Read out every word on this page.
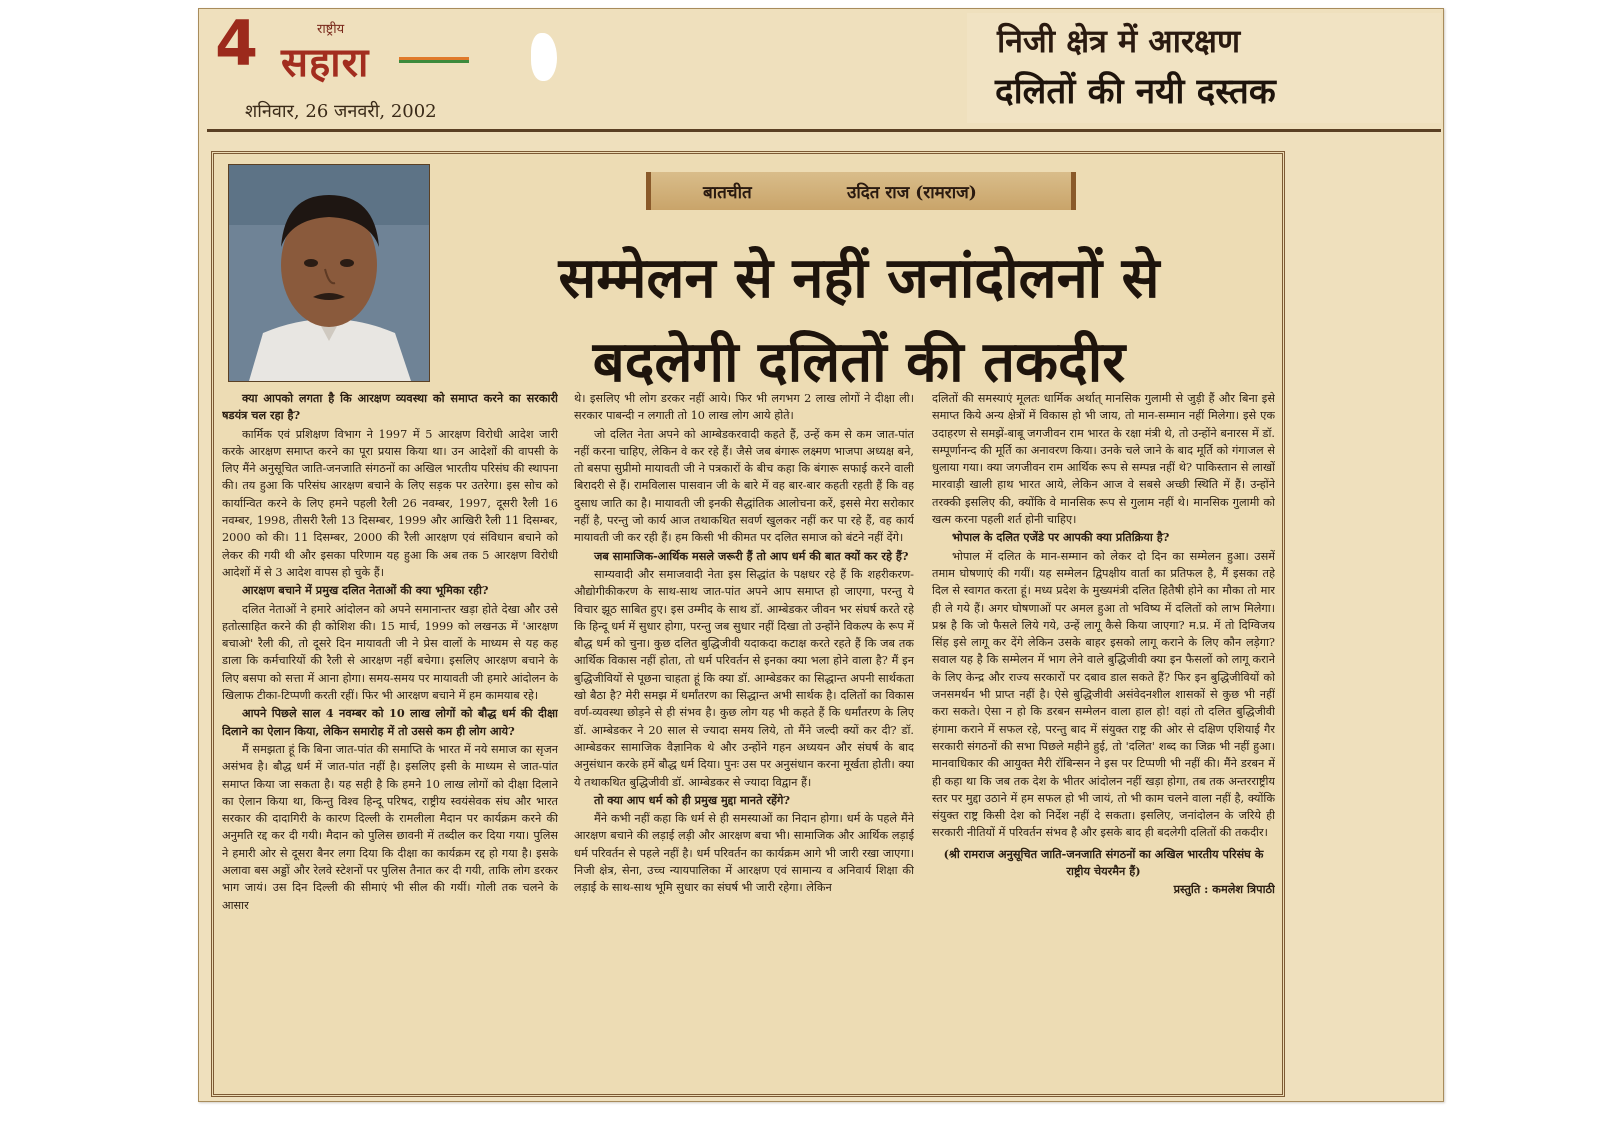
4	राष्ट्रीय
सहारा
शनिवार, 26 जनवरी, 2002
निजी क्षेत्र में आरक्षण
दलितों की नयी दस्तक
बातचीत	उदित राज (रामराज)
सम्मेलन से नहीं जनांदोलनों से
बदलेगी दलितों की तकदीर

क्या आपको लगता है कि आरक्षण व्यवस्था को समाप्त करने का सरकारी षडयंत्र चल रहा है?

कार्मिक एवं प्रशिक्षण विभाग ने 1997 में 5 आरक्षण विरोधी आदेश जारी करके आरक्षण समाप्त करने का पूरा प्रयास किया था। उन आदेशों की वापसी के लिए मैंने अनुसूचित जाति-जनजाति संगठनों का अखिल भारतीय परिसंघ की स्थापना की। तय हुआ कि परिसंघ आरक्षण बचाने के लिए सड़क पर उतरेगा। इस सोच को कार्यान्वित करने के लिए हमने पहली रैली 26 नवम्बर, 1997, दूसरी रैली 16 नवम्बर, 1998, तीसरी रैली 13 दिसम्बर, 1999 और आखिरी रैली 11 दिसम्बर, 2000 को की। 11 दिसम्बर, 2000 की रैली आरक्षण एवं संविधान बचाने को लेकर की गयी थी और इसका परिणाम यह हुआ कि अब तक 5 आरक्षण विरोधी आदेशों में से 3 आदेश वापस हो चुके हैं।

आरक्षण बचाने में प्रमुख दलित नेताओं की क्या भूमिका रही?

दलित नेताओं ने हमारे आंदोलन को अपने समानान्तर खड़ा होते देखा और उसे हतोत्साहित करने की ही कोशिश की। 15 मार्च, 1999 को लखनऊ में 'आरक्षण बचाओ' रैली की, तो दूसरे दिन मायावती जी ने प्रेस वालों के माध्यम से यह कह डाला कि कर्मचारियों की रैली से आरक्षण नहीं बचेगा। इसलिए आरक्षण बचाने के लिए बसपा को सत्ता में आना होगा। समय-समय पर मायावती जी हमारे आंदोलन के खिलाफ टीका-टिप्पणी करती रहीं। फिर भी आरक्षण बचाने में हम कामयाब रहे।

आपने पिछले साल 4 नवम्बर को 10 लाख लोगों को बौद्ध धर्म की दीक्षा दिलाने का ऐलान किया, लेकिन समारोह में तो उससे कम ही लोग आये?

मैं समझता हूं कि बिना जात-पांत की समाप्ति के भारत में नये समाज का सृजन असंभव है। बौद्ध धर्म में जात-पांत नहीं है। इसलिए इसी के माध्यम से जात-पांत समाप्त किया जा सकता है। यह सही है कि हमने 10 लाख लोगों को दीक्षा दिलाने का ऐलान किया था, किन्तु विश्व हिन्दू परिषद, राष्ट्रीय स्वयंसेवक संघ और भारत सरकार की दादागिरी के कारण दिल्ली के रामलीला मैदान पर कार्यक्रम करने की अनुमति रद्द कर दी गयी। मैदान को पुलिस छावनी में तब्दील कर दिया गया। पुलिस ने हमारी ओर से दूसरा बैनर लगा दिया कि दीक्षा का कार्यक्रम रद्द हो गया है। इसके अलावा बस अड्डों और रेलवे स्टेशनों पर पुलिस तैनात कर दी गयी, ताकि लोग डरकर भाग जायं। उस दिन दिल्ली की सीमाएं भी सील की गयीं। गोली तक चलने के आसार

थे। इसलिए भी लोग डरकर नहीं आये। फिर भी लगभग 2 लाख लोगों ने दीक्षा ली। सरकार पाबन्दी न लगाती तो 10 लाख लोग आये होते।

जो दलित नेता अपने को आम्बेडकरवादी कहते हैं, उन्हें कम से कम जात-पांत नहीं करना चाहिए, लेकिन वे कर रहे हैं। जैसे जब बंगारू लक्ष्मण भाजपा अध्यक्ष बने, तो बसपा सुप्रीमो मायावती जी ने पत्रकारों के बीच कहा कि बंगारू सफाई करने वाली बिरादरी से हैं। रामविलास पासवान जी के बारे में वह बार-बार कहती रहती हैं कि वह दुसाध जाति का है। मायावती जी इनकी सैद्धांतिक आलोचना करें, इससे मेरा सरोकार नहीं है, परन्तु जो कार्य आज तथाकथित सवर्ण खुलकर नहीं कर पा रहे हैं, वह कार्य मायावती जी कर रही हैं। हम किसी भी कीमत पर दलित समाज को बंटने नहीं देंगे।

जब सामाजिक-आर्थिक मसले जरूरी हैं तो आप धर्म की बात क्यों कर रहे हैं?

साम्यवादी और समाजवादी नेता इस सिद्धांत के पक्षधर रहे हैं कि शहरीकरण-औद्योगीकीकरण के साथ-साथ जात-पांत अपने आप समाप्त हो जाएगा, परन्तु ये विचार झूठ साबित हुए। इस उम्मीद के साथ डॉ. आम्बेडकर जीवन भर संघर्ष करते रहे कि हिन्दू धर्म में सुधार होगा, परन्तु जब सुधार नहीं दिखा तो उन्होंने विकल्प के रूप में बौद्ध धर्म को चुना। कुछ दलित बुद्धिजीवी यदाकदा कटाक्ष करते रहते हैं कि जब तक आर्थिक विकास नहीं होता, तो धर्म परिवर्तन से इनका क्या भला होने वाला है? मैं इन बुद्धिजीवियों से पूछना चाहता हूं कि क्या डॉ. आम्बेडकर का सिद्धान्त अपनी सार्थकता खो बैठा है? मेरी समझ में धर्मांतरण का सिद्धान्त अभी सार्थक है। दलितों का विकास वर्ण-व्यवस्था छोड़ने से ही संभव है। कुछ लोग यह भी कहते हैं कि धर्मांतरण के लिए डॉ. आम्बेडकर ने 20 साल से ज्यादा समय लिये, तो मैंने जल्दी क्यों कर दी? डॉ. आम्बेडकर सामाजिक वैज्ञानिक थे और उन्होंने गहन अध्ययन और संघर्ष के बाद अनुसंधान करके हमें बौद्ध धर्म दिया। पुनः उस पर अनुसंधान करना मूर्खता होती। क्या ये तथाकथित बुद्धिजीवी डॉ. आम्बेडकर से ज्यादा विद्वान हैं।

तो क्या आप धर्म को ही प्रमुख मुद्दा मानते रहेंगे?

मैंने कभी नहीं कहा कि धर्म से ही समस्याओं का निदान होगा। धर्म के पहले मैंने आरक्षण बचाने की लड़ाई लड़ी और आरक्षण बचा भी। सामाजिक और आर्थिक लड़ाई धर्म परिवर्तन से पहले नहीं है। धर्म परिवर्तन का कार्यक्रम आगे भी जारी रखा जाएगा। निजी क्षेत्र, सेना, उच्च न्यायपालिका में आरक्षण एवं सामान्य व अनिवार्य शिक्षा की लड़ाई के साथ-साथ भूमि सुधार का संघर्ष भी जारी रहेगा। लेकिन

दलितों की समस्याएं मूलतः धार्मिक अर्थात् मानसिक गुलामी से जुड़ी हैं और बिना इसे समाप्त किये अन्य क्षेत्रों में विकास हो भी जाय, तो मान-सम्मान नहीं मिलेगा। इसे एक उदाहरण से समझें-बाबू जगजीवन राम भारत के रक्षा मंत्री थे, तो उन्होंने बनारस में डॉ. सम्पूर्णानन्द की मूर्ति का अनावरण किया। उनके चले जाने के बाद मूर्ति को गंगाजल से धुलाया गया। क्या जगजीवन राम आर्थिक रूप से सम्पन्न नहीं थे? पाकिस्तान से लाखों मारवाड़ी खाली हाथ भारत आये, लेकिन आज वे सबसे अच्छी स्थिति में हैं। उन्होंने तरक्की इसलिए की, क्योंकि वे मानसिक रूप से गुलाम नहीं थे। मानसिक गुलामी को खत्म करना पहली शर्त होनी चाहिए।

भोपाल के दलित एजेंडे पर आपकी क्या प्रतिक्रिया है?

भोपाल में दलित के मान-सम्मान को लेकर दो दिन का सम्मेलन हुआ। उसमें तमाम घोषणाएं की गयीं। यह सम्मेलन द्विपक्षीय वार्ता का प्रतिफल है, मैं इसका तहे दिल से स्वागत करता हूं। मध्य प्रदेश के मुख्यमंत्री दलित हितैषी होने का मौका तो मार ही ले गये हैं। अगर घोषणाओं पर अमल हुआ तो भविष्य में दलितों को लाभ मिलेगा। प्रश्न है कि जो फैसले लिये गये, उन्हें लागू कैसे किया जाएगा? म.प्र. में तो दिग्विजय सिंह इसे लागू कर देंगे लेकिन उसके बाहर इसको लागू कराने के लिए कौन लड़ेगा? सवाल यह है कि सम्मेलन में भाग लेने वाले बुद्धिजीवी क्या इन फैसलों को लागू कराने के लिए केन्द्र और राज्य सरकारों पर दबाव डाल सकते हैं? फिर इन बुद्धिजीवियों को जनसमर्थन भी प्राप्त नहीं है। ऐसे बुद्धिजीवी असंवेदनशील शासकों से कुछ भी नहीं करा सकते। ऐसा न हो कि डरबन सम्मेलन वाला हाल हो! वहां तो दलित बुद्धिजीवी हंगामा कराने में सफल रहे, परन्तु बाद में संयुक्त राष्ट्र की ओर से दक्षिण एशियाई गैर सरकारी संगठनों की सभा पिछले महीने हुई, तो 'दलित' शब्द का जिक्र भी नहीं हुआ। मानवाधिकार की आयुक्त मैरी रॉबिन्सन ने इस पर टिप्पणी भी नहीं की। मैंने डरबन में ही कहा था कि जब तक देश के भीतर आंदोलन नहीं खड़ा होगा, तब तक अन्तरराष्ट्रीय स्तर पर मुद्दा उठाने में हम सफल हो भी जायं, तो भी काम चलने वाला नहीं है, क्योंकि संयुक्त राष्ट्र किसी देश को निर्देश नहीं दे सकता। इसलिए, जनांदोलन के जरिये ही सरकारी नीतियों में परिवर्तन संभव है और इसके बाद ही बदलेगी दलितों की तकदीर।

(श्री रामराज अनुसूचित जाति-जनजाति संगठनों का अखिल भारतीय परिसंघ के राष्ट्रीय चेयरमैन हैं)

प्रस्तुति : कमलेश त्रिपाठी
